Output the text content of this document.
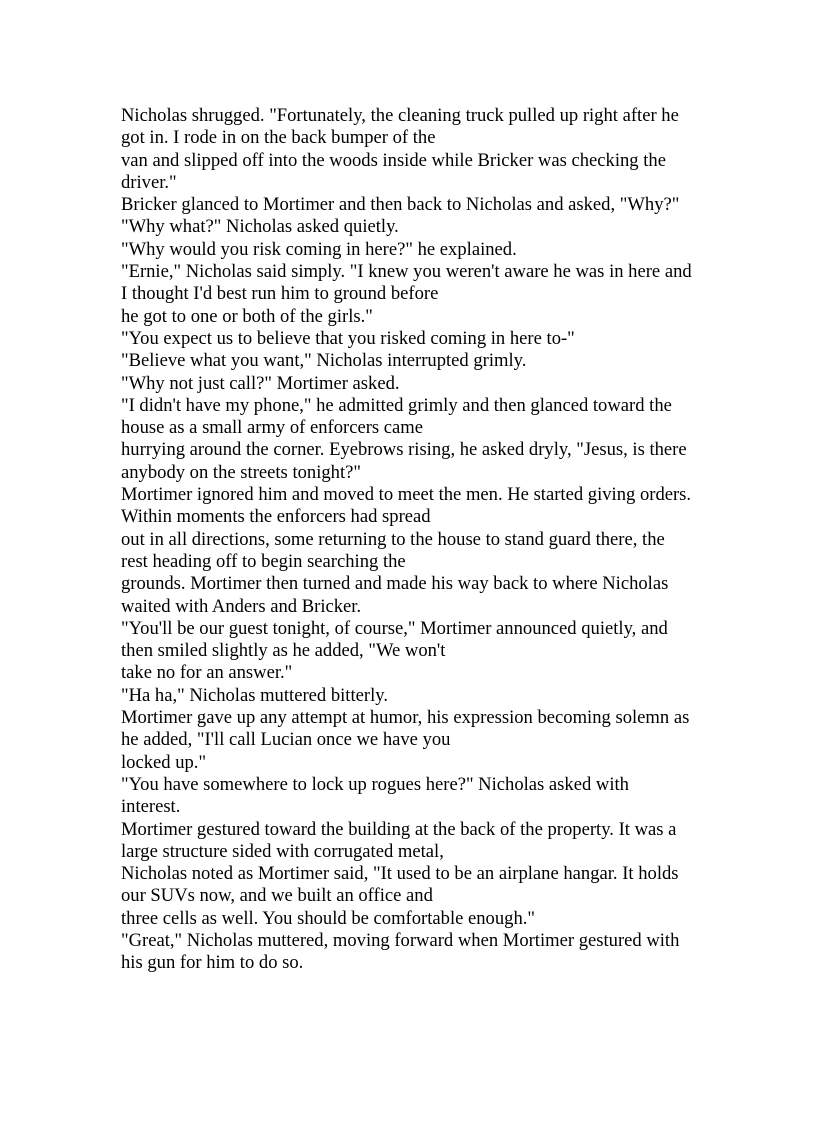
Nicholas shrugged. "Fortunately, the cleaning truck pulled up right after he
got in. I rode in on the back bumper of the
van and slipped off into the woods inside while Bricker was checking the
driver."
Bricker glanced to Mortimer and then back to Nicholas and asked, "Why?"
"Why what?" Nicholas asked quietly.
"Why would you risk coming in here?" he explained.
"Ernie," Nicholas said simply. "I knew you weren't aware he was in here and
I thought I'd best run him to ground before
he got to one or both of the girls."
"You expect us to believe that you risked coming in here to-"
"Believe what you want," Nicholas interrupted grimly.
"Why not just call?" Mortimer asked.
"I didn't have my phone," he admitted grimly and then glanced toward the
house as a small army of enforcers came
hurrying around the corner. Eyebrows rising, he asked dryly, "Jesus, is there
anybody on the streets tonight?"
Mortimer ignored him and moved to meet the men. He started giving orders.
Within moments the enforcers had spread
out in all directions, some returning to the house to stand guard there, the
rest heading off to begin searching the
grounds. Mortimer then turned and made his way back to where Nicholas
waited with Anders and Bricker.
"You'll be our guest tonight, of course," Mortimer announced quietly, and
then smiled slightly as he added, "We won't
take no for an answer."
"Ha ha," Nicholas muttered bitterly.
Mortimer gave up any attempt at humor, his expression becoming solemn as
he added, "I'll call Lucian once we have you
locked up."
"You have somewhere to lock up rogues here?" Nicholas asked with
interest.
Mortimer gestured toward the building at the back of the property. It was a
large structure sided with corrugated metal,
Nicholas noted as Mortimer said, "It used to be an airplane hangar. It holds
our SUVs now, and we built an office and
three cells as well. You should be comfortable enough."
"Great," Nicholas muttered, moving forward when Mortimer gestured with
his gun for him to do so.
